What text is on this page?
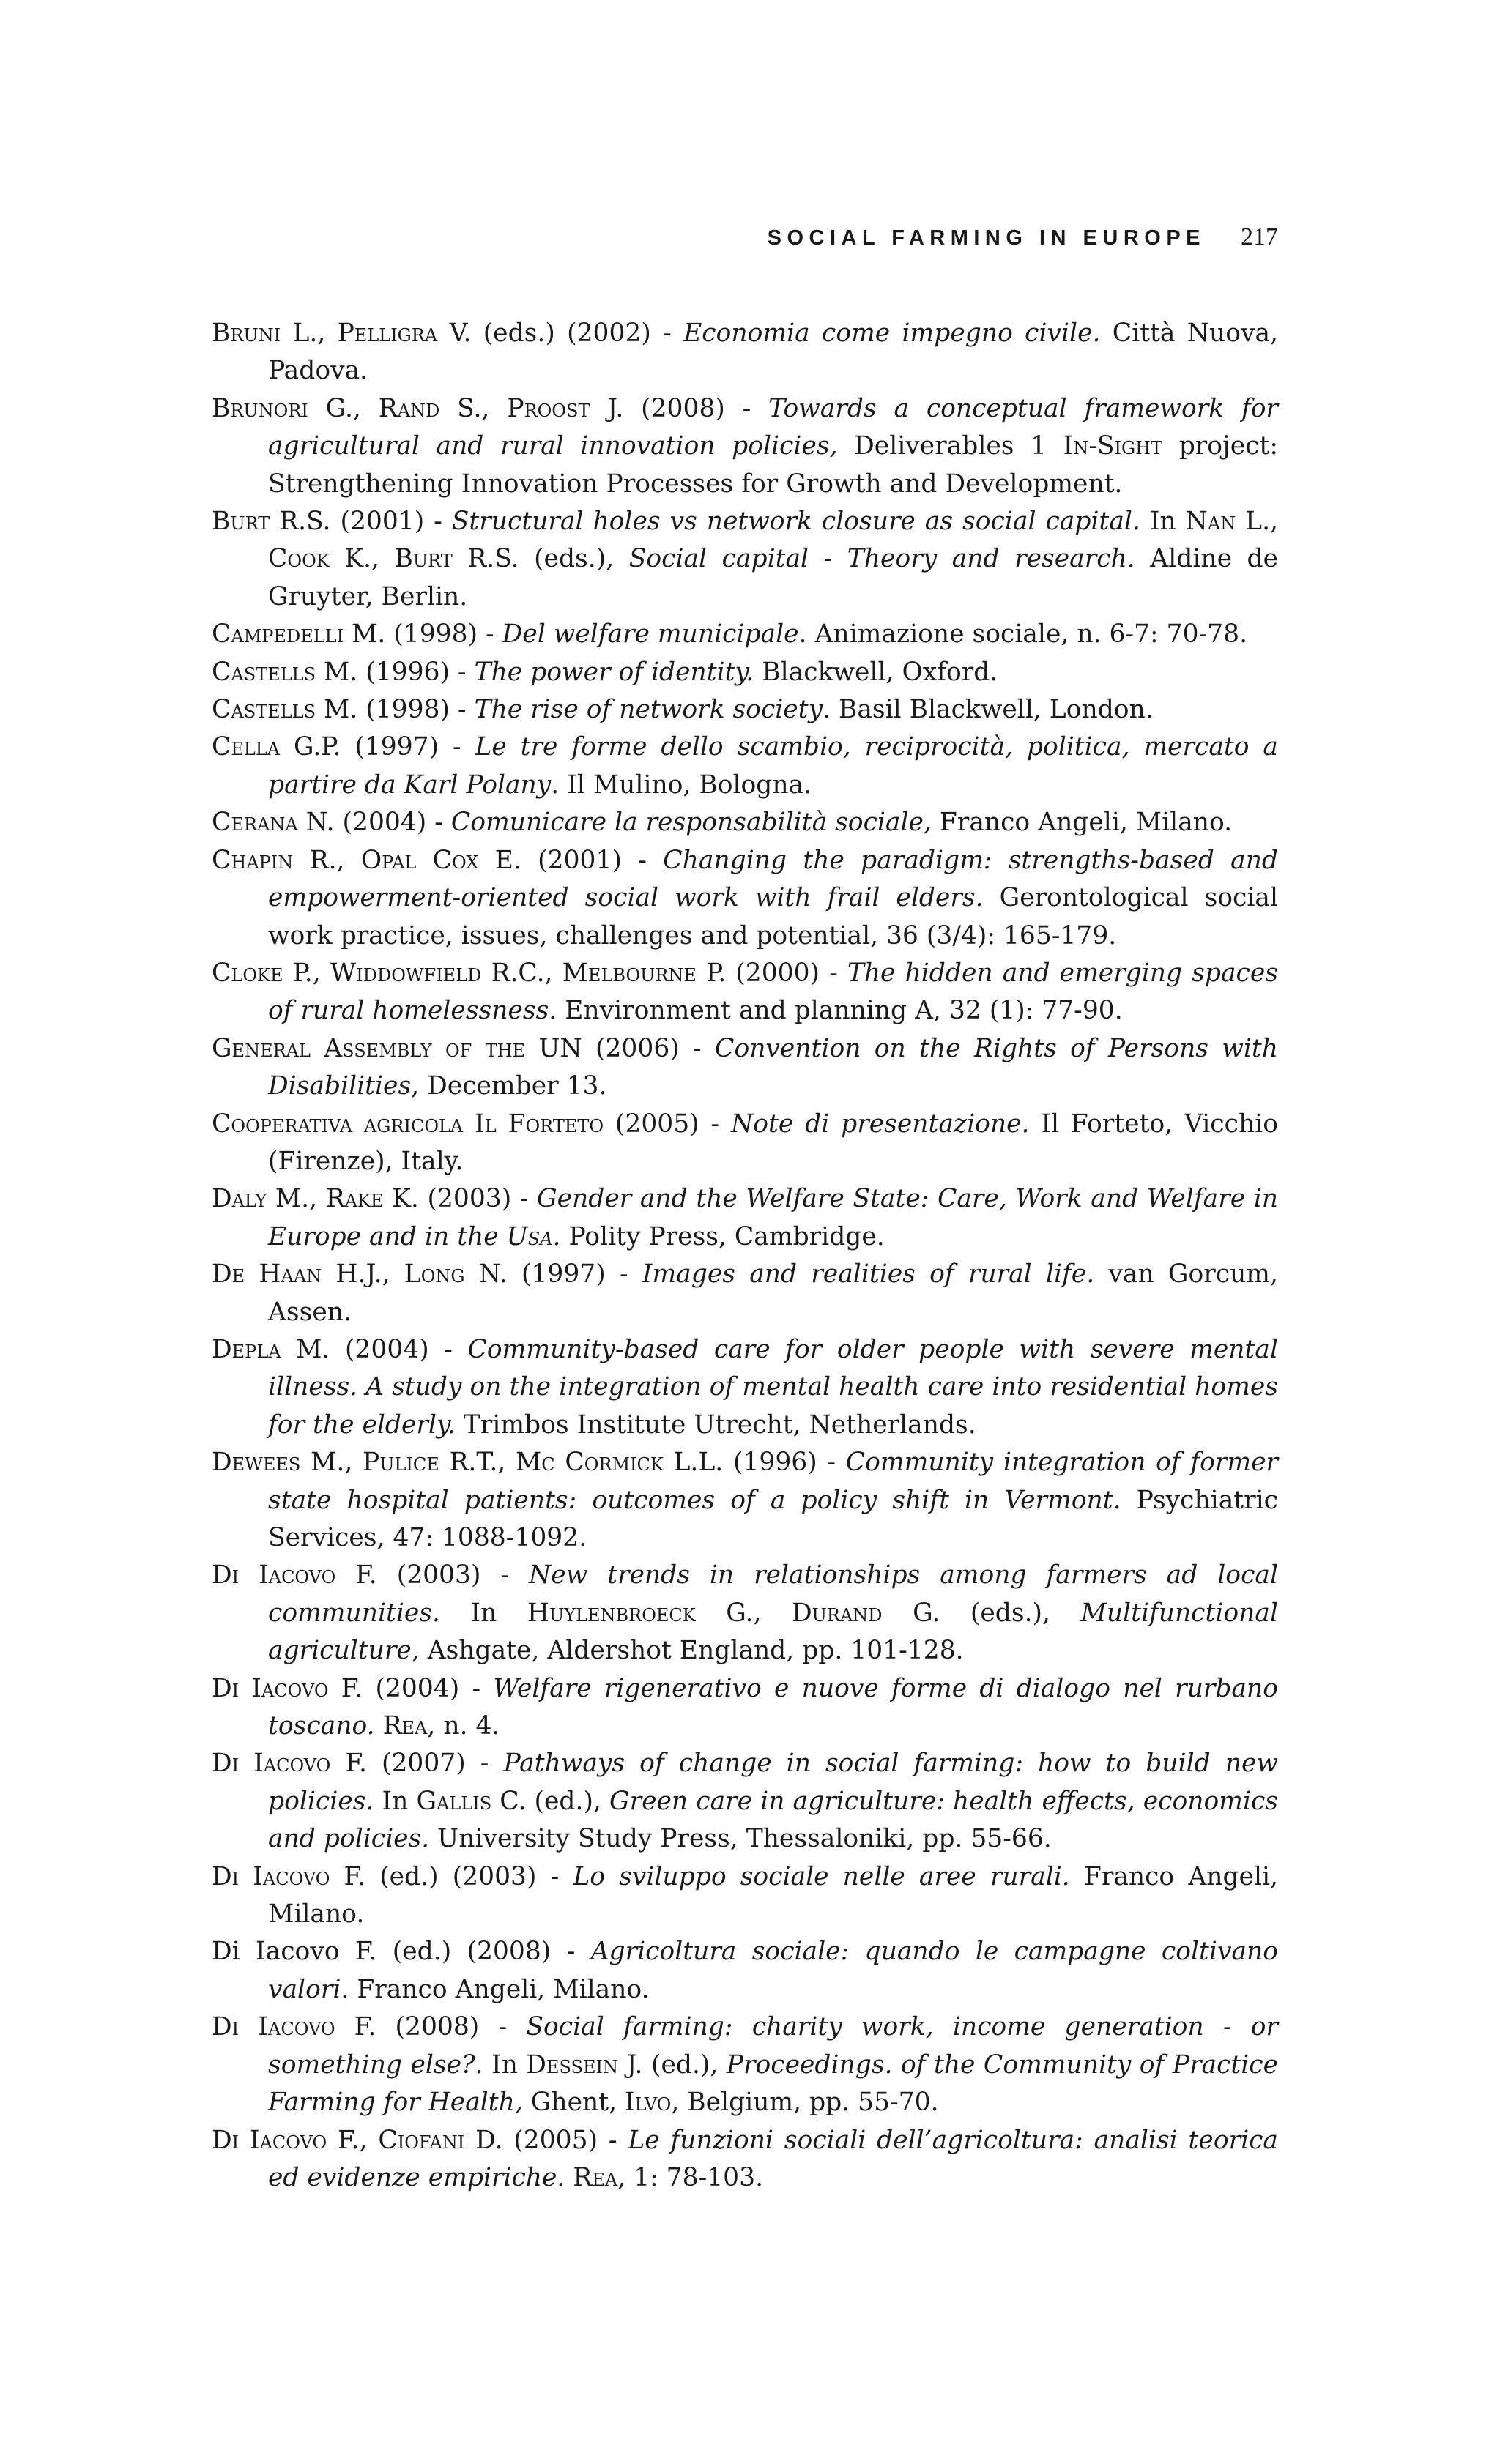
SOCIAL FARMING IN EUROPE 217
Bruni L., Pelligra V. (eds.) (2002) - Economia come impegno civile. Città Nuova, Padova.
Brunori G., Rand S., Proost J. (2008) - Towards a conceptual framework for agricultural and rural innovation policies, Deliverables 1 In-Sight project: Strengthening Innovation Processes for Growth and Development.
Burt R.S. (2001) - Structural holes vs network closure as social capital. In Nan L., Cook K., Burt R.S. (eds.), Social capital - Theory and research. Aldine de Gruyter, Berlin.
Campedelli M. (1998) - Del welfare municipale. Animazione sociale, n. 6-7: 70-78.
Castells M. (1996) - The power of identity. Blackwell, Oxford.
Castells M. (1998) - The rise of network society. Basil Blackwell, London.
Cella G.P. (1997) - Le tre forme dello scambio, reciprocità, politica, mercato a partire da Karl Polany. Il Mulino, Bologna.
Cerana N. (2004) - Comunicare la responsabilità sociale, Franco Angeli, Milano.
Chapin R., Opal Cox E. (2001) - Changing the paradigm: strengths-based and empowerment-oriented social work with frail elders. Gerontological social work practice, issues, challenges and potential, 36 (3/4): 165-179.
Cloke P., Widdowfield R.C., Melbourne P. (2000) - The hidden and emerging spaces of rural homelessness. Environment and planning A, 32 (1): 77-90.
General Assembly of the UN (2006) - Convention on the Rights of Persons with Disabilities, December 13.
Cooperativa agricola Il Forteto (2005) - Note di presentazione. Il Forteto, Vicchio (Firenze), Italy.
Daly M., Rake K. (2003) - Gender and the Welfare State: Care, Work and Welfare in Europe and in the Usa. Polity Press, Cambridge.
De Haan H.J., Long N. (1997) - Images and realities of rural life. van Gorcum, Assen.
Depla M. (2004) - Community-based care for older people with severe mental illness. A study on the integration of mental health care into residential homes for the elderly. Trimbos Institute Utrecht, Netherlands.
Dewees M., Pulice R.T., Mc Cormick L.L. (1996) - Community integration of former state hospital patients: outcomes of a policy shift in Vermont. Psychiatric Services, 47: 1088-1092.
Di Iacovo F. (2003) - New trends in relationships among farmers ad local communities. In Huylenbroeck G., Durand G. (eds.), Multifunctional agriculture, Ashgate, Aldershot England, pp. 101-128.
Di Iacovo F. (2004) - Welfare rigenerativo e nuove forme di dialogo nel rurbano toscano. Rea, n. 4.
Di Iacovo F. (2007) - Pathways of change in social farming: how to build new policies. In Gallis C. (ed.), Green care in agriculture: health effects, economics and policies. University Study Press, Thessaloniki, pp. 55-66.
Di Iacovo F. (ed.) (2003) - Lo sviluppo sociale nelle aree rurali. Franco Angeli, Milano.
Di Iacovo F. (ed.) (2008) - Agricoltura sociale: quando le campagne coltivano valori. Franco Angeli, Milano.
Di Iacovo F. (2008) - Social farming: charity work, income generation - or something else?. In Dessein J. (ed.), Proceedings. of the Community of Practice Farming for Health, Ghent, Ilvo, Belgium, pp. 55-70.
Di Iacovo F., Ciofani D. (2005) - Le funzioni sociali dell’agricoltura: analisi teorica ed evidenze empiriche. Rea, 1: 78-103.
